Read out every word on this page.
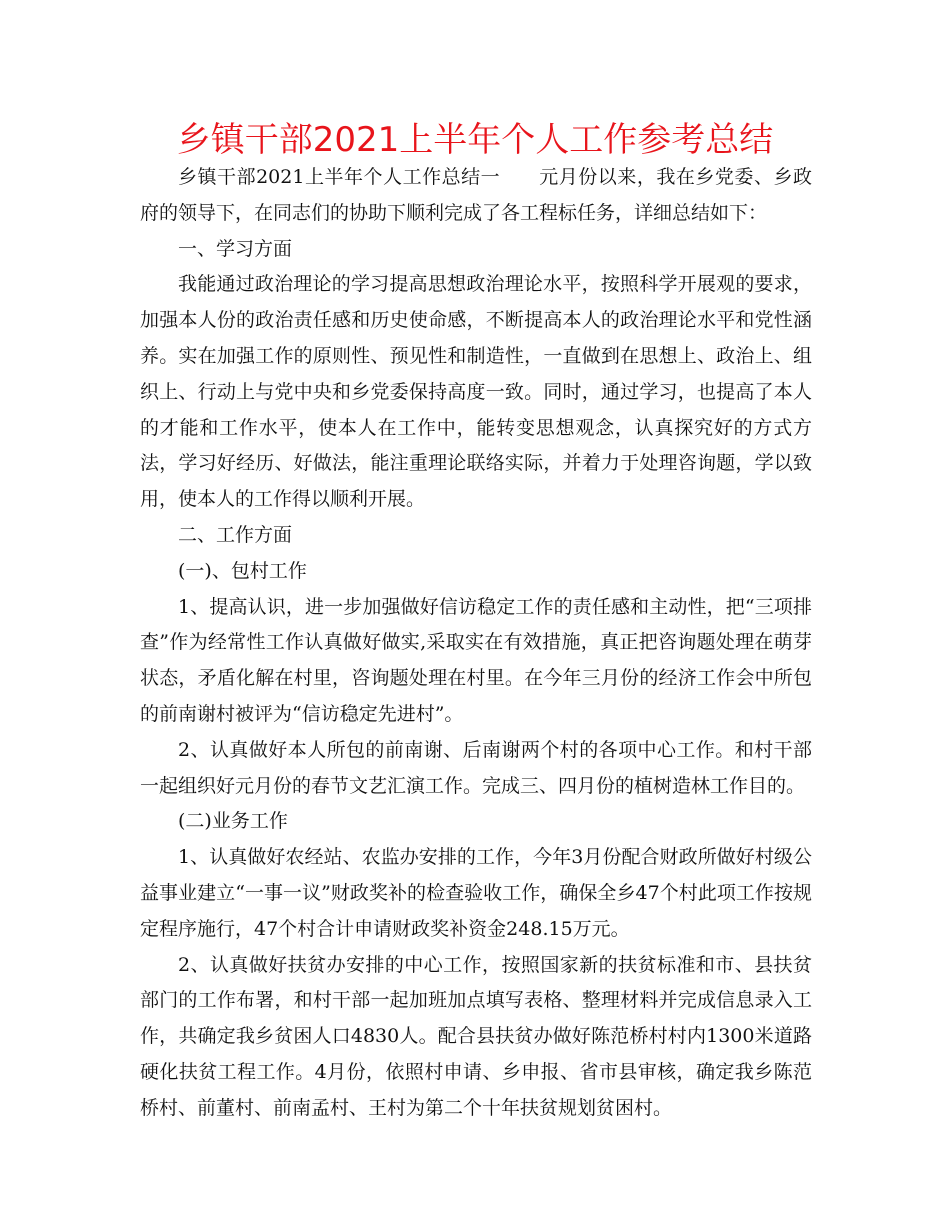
乡镇干部2021上半年个人工作参考总结

乡镇干部2021上半年个人工作总结一　　元月份以来，我在乡党委、乡政府的领导下，在同志们的协助下顺利完成了各工程标任务，详细总结如下：

一、学习方面

我能通过政治理论的学习提高思想政治理论水平，按照科学开展观的要求，加强本人份的政治责任感和历史使命感，不断提高本人的政治理论水平和党性涵养。实在加强工作的原则性、预见性和制造性，一直做到在思想上、政治上、组织上、行动上与党中央和乡党委保持高度一致。同时，通过学习，也提高了本人的才能和工作水平，使本人在工作中，能转变思想观念，认真探究好的方式方法，学习好经历、好做法，能注重理论联络实际，并着力于处理咨询题，学以致用，使本人的工作得以顺利开展。

二、工作方面

(一)、包村工作

1、提高认识，进一步加强做好信访稳定工作的责任感和主动性，把“三项排查”作为经常性工作认真做好做实,采取实在有效措施，真正把咨询题处理在萌芽状态，矛盾化解在村里，咨询题处理在村里。在今年三月份的经济工作会中所包的前南谢村被评为“信访稳定先进村”。

2、认真做好本人所包的前南谢、后南谢两个村的各项中心工作。和村干部一起组织好元月份的春节文艺汇演工作。完成三、四月份的植树造林工作目的。

(二)业务工作

1、认真做好农经站、农监办安排的工作，今年3月份配合财政所做好村级公益事业建立“一事一议”财政奖补的检查验收工作，确保全乡47个村此项工作按规定程序施行，47个村合计申请财政奖补资金248.15万元。

2、认真做好扶贫办安排的中心工作，按照国家新的扶贫标准和市、县扶贫部门的工作布署，和村干部一起加班加点填写表格、整理材料并完成信息录入工作，共确定我乡贫困人口4830人。配合县扶贫办做好陈范桥村村内1300米道路硬化扶贫工程工作。4月份，依照村申请、乡申报、省市县审核，确定我乡陈范桥村、前董村、前南孟村、王村为第二个十年扶贫规划贫困村。
